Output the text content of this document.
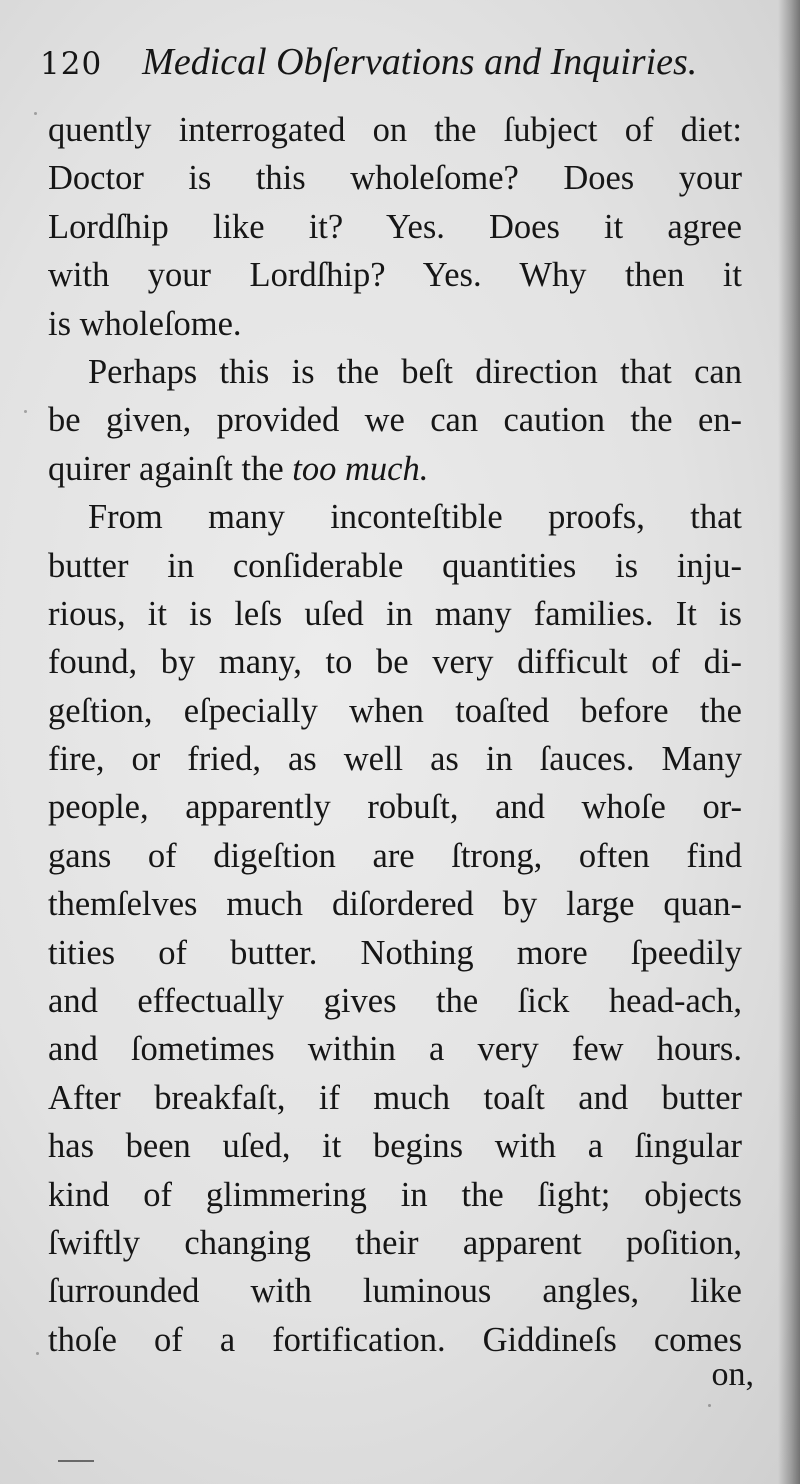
120 Medical Obſervations and Inquiries.
quently interrogated on the ſubject of diet:
Doctor is this wholeſome? Does your
Lordſhip like it? Yes. Does it agree
with your Lordſhip? Yes. Why then it
is wholeſome.
Perhaps this is the beſt direction that can
be given, provided we can caution the en-
quirer againſt the too much.
From many inconteſtible proofs, that
butter in conſiderable quantities is inju-
rious, it is leſs uſed in many families. It is
found, by many, to be very difficult of di-
geſtion, eſpecially when toaſted before the
fire, or fried, as well as in ſauces. Many
people, apparently robuſt, and whoſe or-
gans of digeſtion are ſtrong, often find
themſelves much diſordered by large quan-
tities of butter. Nothing more ſpeedily
and effectually gives the ſick head-ach,
and ſometimes within a very few hours.
After breakfaſt, if much toaſt and butter
has been uſed, it begins with a ſingular
kind of glimmering in the ſight; objects
ſwiftly changing their apparent poſition,
ſurrounded with luminous angles, like
thoſe of a fortification. Giddineſs comes
on,
